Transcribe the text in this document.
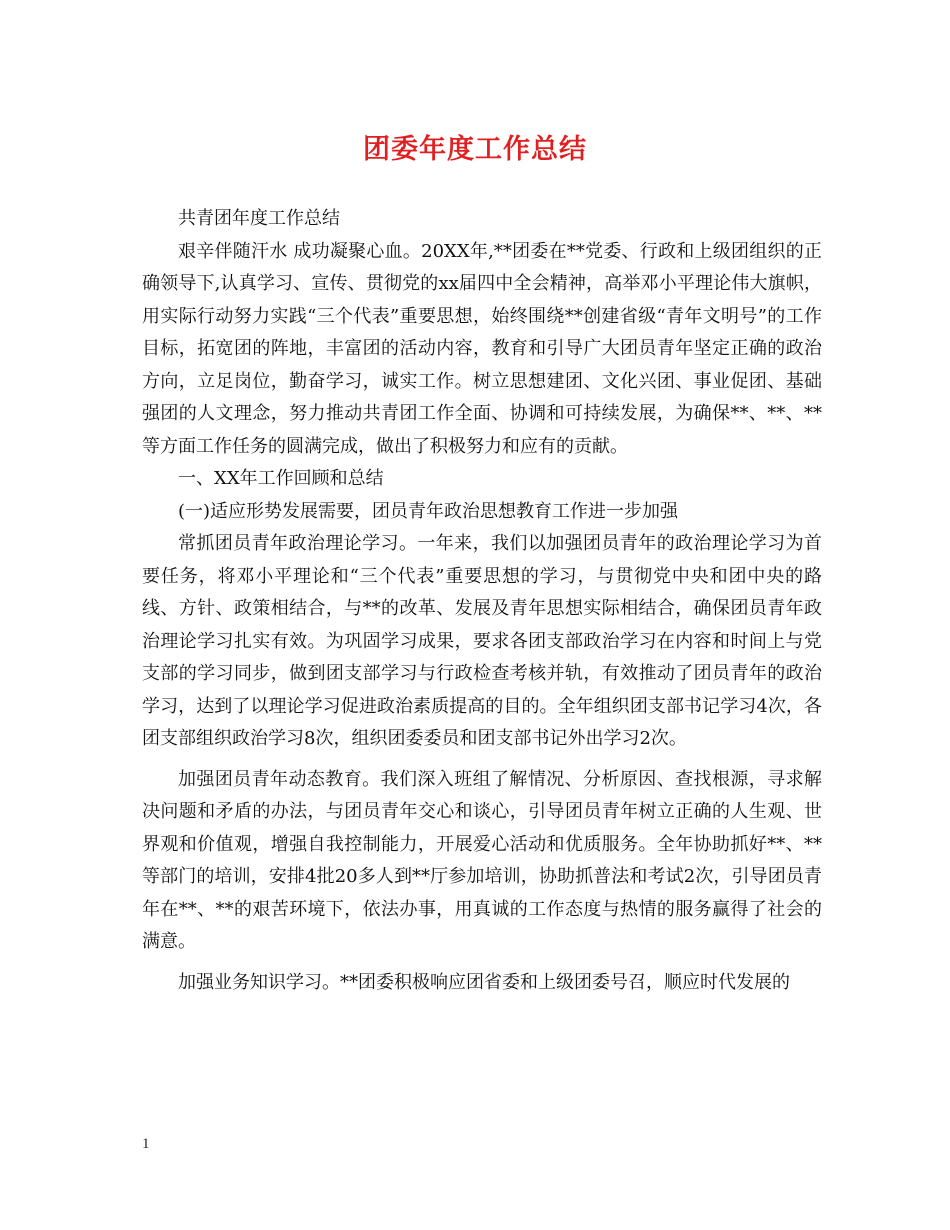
团委年度工作总结

共青团年度工作总结

艰辛伴随汗水 成功凝聚心血。20XX年,**团委在**党委、行政和上级团组织的正确领导下,认真学习、宣传、贯彻党的xx届四中全会精神，高举邓小平理论伟大旗帜，用实际行动努力实践“三个代表”重要思想，始终围绕**创建省级“青年文明号”的工作目标，拓宽团的阵地，丰富团的活动内容，教育和引导广大团员青年坚定正确的政治方向，立足岗位，勤奋学习，诚实工作。树立思想建团、文化兴团、事业促团、基础强团的人文理念，努力推动共青团工作全面、协调和可持续发展，为确保**、**、**等方面工作任务的圆满完成，做出了积极努力和应有的贡献。

一、XX年工作回顾和总结

(一)适应形势发展需要，团员青年政治思想教育工作进一步加强

常抓团员青年政治理论学习。一年来，我们以加强团员青年的政治理论学习为首要任务，将邓小平理论和“三个代表”重要思想的学习，与贯彻党中央和团中央的路线、方针、政策相结合，与**的改革、发展及青年思想实际相结合，确保团员青年政治理论学习扎实有效。为巩固学习成果，要求各团支部政治学习在内容和时间上与党支部的学习同步，做到团支部学习与行政检查考核并轨，有效推动了团员青年的政治学习，达到了以理论学习促进政治素质提高的目的。全年组织团支部书记学习4次，各团支部组织政治学习8次，组织团委委员和团支部书记外出学习2次。

加强团员青年动态教育。我们深入班组了解情况、分析原因、查找根源，寻求解决问题和矛盾的办法，与团员青年交心和谈心，引导团员青年树立正确的人生观、世界观和价值观，增强自我控制能力，开展爱心活动和优质服务。全年协助抓好**、**等部门的培训，安排4批20多人到**厅参加培训，协助抓普法和考试2次，引导团员青年在**、**的艰苦环境下，依法办事，用真诚的工作态度与热情的服务赢得了社会的满意。

加强业务知识学习。**团委积极响应团省委和上级团委号召，顺应时代发展的

1
